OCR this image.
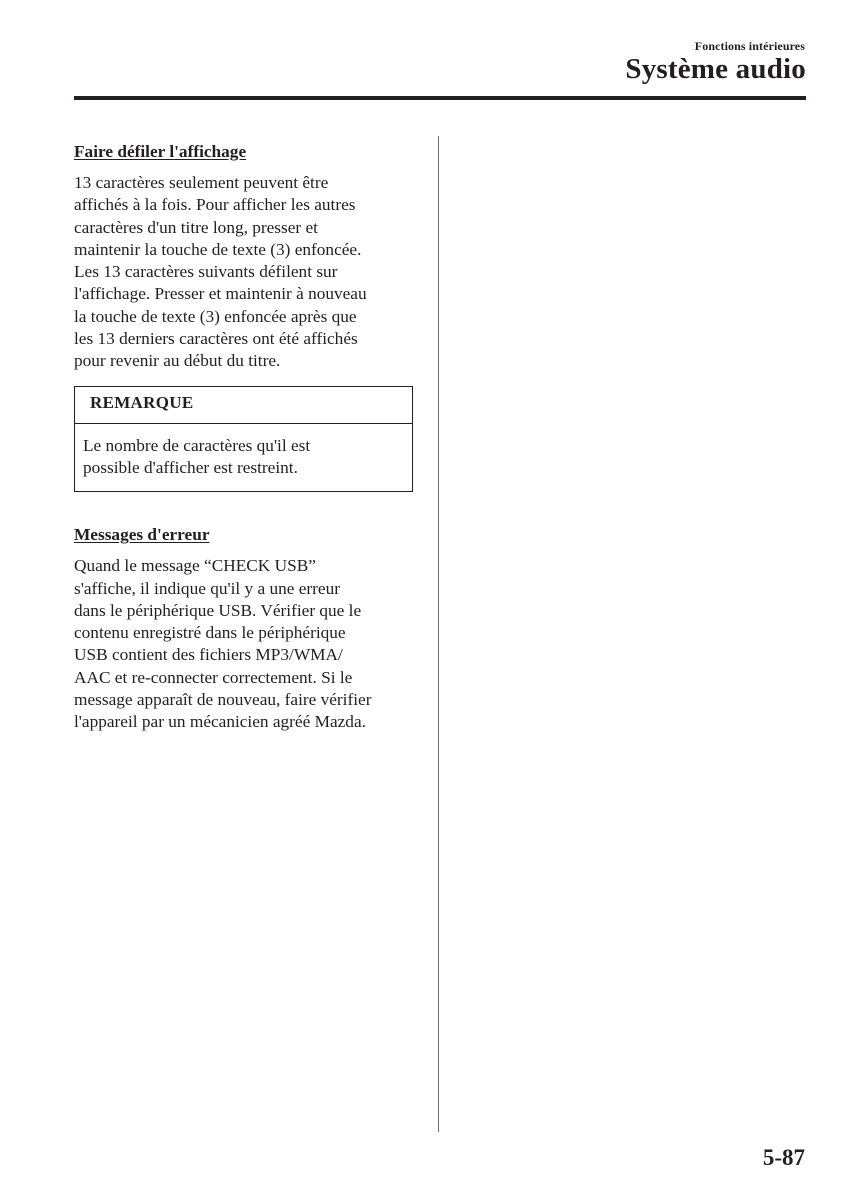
Fonctions intérieures
Système audio
Faire défiler l'affichage

13 caractères seulement peuvent être
affichés à la fois. Pour afficher les autres
caractères d'un titre long, presser et
maintenir la touche de texte (3) enfoncée.
Les 13 caractères suivants défilent sur
l'affichage. Presser et maintenir à nouveau
la touche de texte (3) enfoncée après que
les 13 derniers caractères ont été affichés
pour revenir au début du titre.

REMARQUE
Le nombre de caractères qu'il est
possible d'afficher est restreint.
Messages d'erreur

Quand le message “CHECK USB”
s'affiche, il indique qu'il y a une erreur
dans le périphérique USB. Vérifier que le
contenu enregistré dans le périphérique
USB contient des fichiers MP3/WMA/
AAC et re-connecter correctement. Si le
message apparaît de nouveau, faire vérifier
l'appareil par un mécanicien agréé Mazda.

5-87
